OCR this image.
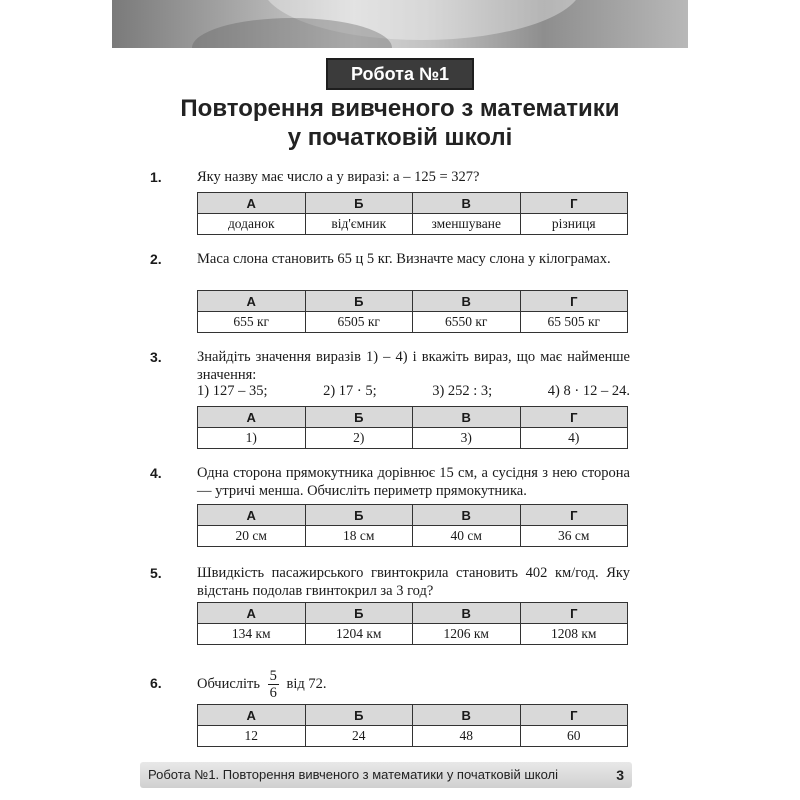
Робота №1
Повторення вивченого з математики
у початковій школі
1.	Яку назву має число a у виразі: a – 125 = 327?
А	Б	В	Г
доданок	від'ємник	зменшуване	різниця
2.	Маса слона становить 65 ц 5 кг. Визначте масу слона у кілограмах.
А	Б	В	Г
655 кг	6505 кг	6550 кг	65 505 кг
3.	Знайдіть значення виразів 1) – 4) і вкажіть вираз, що має найменше значення:
1) 127 – 35;	2) 17 · 5;	3) 252 : 3;	4) 8 · 12 – 24.
А	Б	В	Г
1)	2)	3)	4)
4.	Одна сторона прямокутника дорівнює 15 см, а сусідня з нею сторона — утричі менша. Обчисліть периметр прямокутника.
А	Б	В	Г
20 см	18 см	40 см	36 см
5.	Швидкість пасажирського гвинтокрила становить 402 км/год. Яку відстань подолав гвинтокрил за 3 год?
А	Б	В	Г
134 км	1204 км	1206 км	1208 км
6.	Обчисліть $\frac{5}{6}$ від 72.
А	Б	В	Г
12	24	48	60
Робота №1. Повторення вивченого з математики у початковій школі	3
